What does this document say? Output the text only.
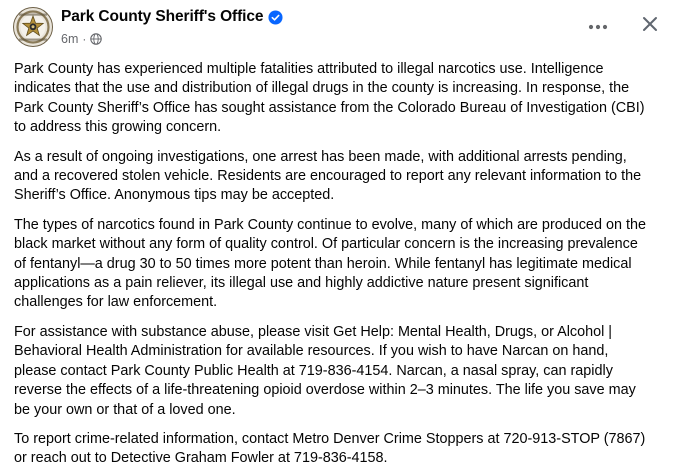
Park County Sheriff's Office
6m ·

Park County has experienced multiple fatalities attributed to illegal narcotics use. Intelligence
indicates that the use and distribution of illegal drugs in the county is increasing. In response, the
Park County Sheriff’s Office has sought assistance from the Colorado Bureau of Investigation (CBI)
to address this growing concern.

As a result of ongoing investigations, one arrest has been made, with additional arrests pending,
and a recovered stolen vehicle. Residents are encouraged to report any relevant information to the
Sheriff’s Office. Anonymous tips may be accepted.

The types of narcotics found in Park County continue to evolve, many of which are produced on the
black market without any form of quality control. Of particular concern is the increasing prevalence
of fentanyl—a drug 30 to 50 times more potent than heroin. While fentanyl has legitimate medical
applications as a pain reliever, its illegal use and highly addictive nature present significant
challenges for law enforcement.

For assistance with substance abuse, please visit Get Help: Mental Health, Drugs, or Alcohol |
Behavioral Health Administration for available resources. If you wish to have Narcan on hand,
please contact Park County Public Health at 719-836-4154. Narcan, a nasal spray, can rapidly
reverse the effects of a life-threatening opioid overdose within 2–3 minutes. The life you save may
be your own or that of a loved one.

To report crime-related information, contact Metro Denver Crime Stoppers at 720-913-STOP (7867)
or reach out to Detective Graham Fowler at 719-836-4158.
